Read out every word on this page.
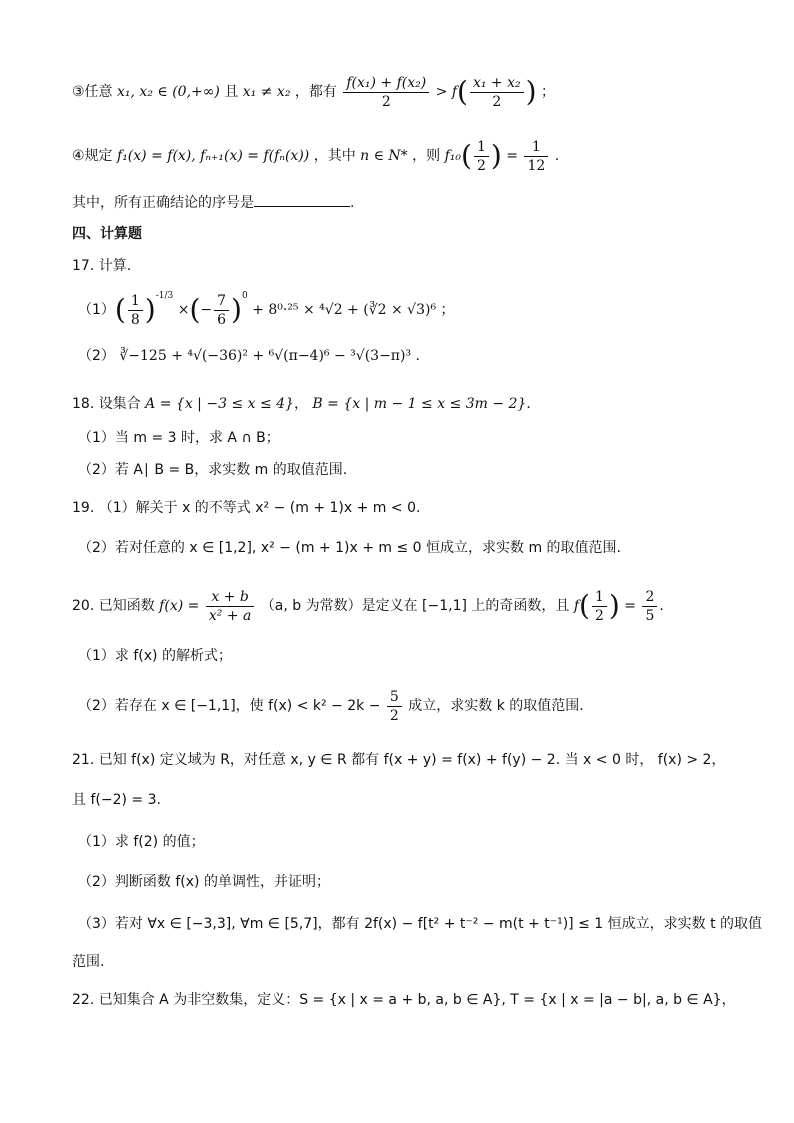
③任意 x₁, x₂ ∈ (0,+∞) 且 x₁ ≠ x₂ ，都有 $\frac{\text{f(x₁) + f(x₂)}}{2} > f( \frac{\text{x₁ + x₂}}{2}$ ) ；
④规定 f₁(x) = f(x), fₙ₊₁(x) = f(fₙ(x)) ，其中 n ∈ N* ，则 $f_{10}( \frac{1}{2}$ ) = $\frac{1}{12}$ .
其中，所有正确结论的序号是	.
四、计算题
17. 计算.
$(1)( \frac{1}{8} )^{-1/3}$ ×(− $\frac{7}{6} )^0 + 8^0\cdot^{25} \times ^4√2$ + (∛2 × √3)⁶ ；
（2） ∛−125 + ⁴√(−36)² + ⁶√(π−4)⁶ − ³√(3−π)³ .
18. 设集合 A = {x | −3 ≤ x ≤ 4}， B = {x | m − 1 ≤ x ≤ 3m − 2}.
（1）当 m = 3 时，求 A ∩ B；
（2）若 A∣ B = B，求实数 m 的取值范围.
19. （1）解关于 x 的不等式 x² − (m + 1)x + m < 0.
（2）若对任意的 x ∈ [1,2], x² − (m + 1)x + m ≤ 0 恒成立，求实数 m 的取值范围.
20. 已知函数 $f(x) = \frac{x + b}{\text{x² + a}} (a$, b 为常数）是定义在 [−1,1] 上的奇函数，且 $f( \frac{1}{2}$ ) = $\frac{2}{5}$ .
（1）求 f(x) 的解析式；
（2）若存在 x ∈ [−1,1]，使 $f(x) < k^2 - 2k - \frac{5}{2}$ 成立，求实数 k 的取值范围.
21. 已知 f(x) 定义域为 R，对任意 x, y ∈ R 都有 f(x + y) = f(x) + f(y) − 2. 当 x < 0 时， f(x) > 2，
且 f(−2) = 3.
（1）求 f(2) 的值；
（2）判断函数 f(x) 的单调性，并证明；
（3）若对 ∀x ∈ [−3,3], ∀m ∈ [5,7]，都有 2f(x) − f[t² + t⁻² − m(t + t⁻¹)] ≤ 1 恒成立，求实数 t 的取值
范围.
22. 已知集合 A 为非空数集，定义：S = {x | x = a + b, a, b ∈ A}, T = {x | x = |a − b|, a, b ∈ A}，
